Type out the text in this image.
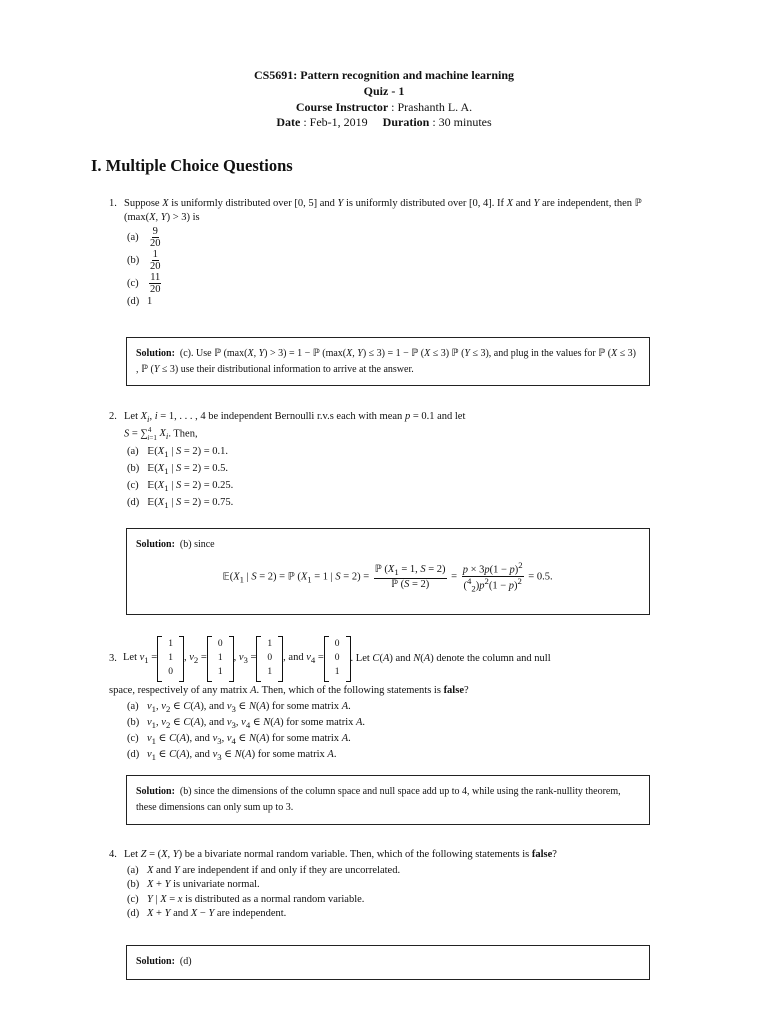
CS5691: Pattern recognition and machine learning
Quiz - 1
Course Instructor : Prashanth L. A.
Date : Feb-1, 2019 Duration : 30 minutes
I. Multiple Choice Questions
1. Suppose X is uniformly distributed over [0, 5] and Y is uniformly distributed over [0, 4]. If X and Y are independent, then ℙ (max(X, Y) > 3) is
$(a) \frac{9}{20}$
$(b) \frac{1}{20}$
$(c) \frac{11}{20}$
(d) 1
Solution:  (c). Use ℙ (max(X, Y) > 3) = 1 − ℙ (max(X, Y) ≤ 3) = 1 − ℙ (X ≤ 3) ℙ (Y ≤ 3), and plug in the values for ℙ (X ≤ 3) , ℙ (Y ≤ 3) use their distributional information to arrive at the answer.
2. Let $X_i$, i = 1, . . . , 4 be independent Bernoulli r.v.s each with mean p = 0.1 and let
S = ∑$^4_{i=1}$ $X_i$. Then,
(a) $𝔼(X_1$ | S = 2) = 0.1.
(b) $𝔼(X_1$ | S = 2) = 0.5.
(c) $𝔼(X_1$ | S = 2) = 0.25.
(d) $𝔼(X_1$ | S = 2) = 0.75.
Solution: (b) since
$𝔼(X_1$ | S = 2) = ℙ ($X_1 = 1$ | $S = 2) = \frac{ℙ (X_1 = 1, S = 2)}{\text{ℙ (S = 2)}} = \frac{p \times 3p(1 - p)^2}{(^4_2)p^2(1 - p)^2} = 0.5$.
3. Let $v_1$ =
1
1
0
, $v_2$ =
0
1
1
, $v_3$ =
1
0
1
, and $v_4$ =
0
0
1
. Let C(A) and N(A) denote the column and null
space, respectively of any matrix A. Then, which of the following statements is false?
(a) $v_1$, $v_2$ ∈ C(A), and $v_3$ ∈ N(A) for some matrix A.
(b) $v_1$, $v_2$ ∈ C(A), and $v_3$, $v_4$ ∈ N(A) for some matrix A.
(c) $v_1$ ∈ C(A), and $v_3$, $v_4$ ∈ N(A) for some matrix A.
(d) $v_1$ ∈ C(A), and $v_3$ ∈ N(A) for some matrix A.
Solution: (b) since the dimensions of the column space and null space add up to 4, while using the rank-nullity theorem, these dimensions can only sum up to 3.
4. Let Z = (X, Y) be a bivariate normal random variable. Then, which of the following statements is false?
(a) X and Y are independent if and only if they are uncorrelated.
(b) X + Y is univariate normal.
(c) Y | X = x is distributed as a normal random variable.
(d) X + Y and X − Y are independent.
Solution: (d)
